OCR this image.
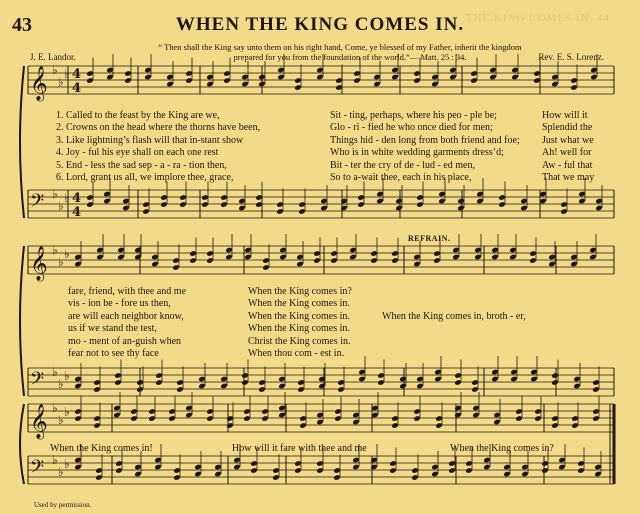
THE KING COMES IN. 44
43	WHEN THE KING COMES IN.
“ Then shall the King say unto them on his right hand, Come, ye blessed of my Father, inherit the kingdom
prepared for you from the foundation of the world.”— Matt. 25 : 34.
J. E. Landor.	Rev. E. S. Lorenz.
𝄞 ♭
♭
♭ 4
4
𝄢 ♭
♭
♭ 4
4
𝄞 ♭
♭
♭
𝄢 ♭
♭
♭
𝄞 ♭
♭
♭
𝄢 ♭
♭
♭
1. Called to the feast by the King are we,	Sit - ting, perhaps, where his peo - ple be;	How will it
2. Crowns on the head where the thorns have been,	Glo - ri - fied he who once died for men;	Splendid the
3. Like lightning’s flash will that in-stant show	Things hid - den long from both friend and foe; Just what we
4. Joy - ful his eye shall on each one rest	Who is in white wedding garments dress’d;	Ah! well for
5. End - less the sad sep - a - ra - tion then,	Bit - ter the cry of de - lud - ed men,	Aw - ful that
6. Lord, grant us all, we implore thee, grace,	So to a-wait thee, each in his place,	That we may
REFRAIN.
fare, friend, with thee and me	When the King comes in?
vis - ion be - fore us then,	When the King comes in.
are will each neighbor know,	When the King comes in.	When the King comes in, broth - er,
us if we stand the test,	When the King comes in.
mo - ment of an-guish when	Christ the King comes in.
fear not to see thy face	When thou com - est in.
When the King comes in!	How will it fare with thee and me	When the King comes in?
Used by permission.
